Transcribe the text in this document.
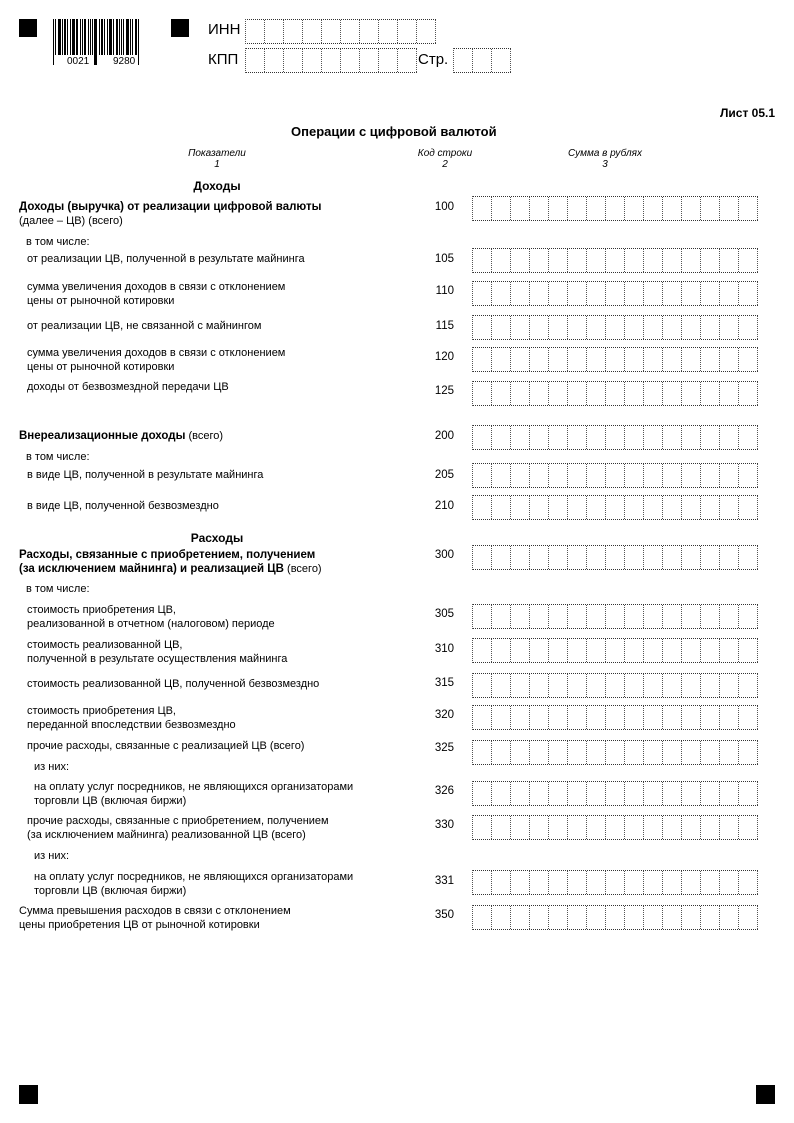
0021 9280
ИНН
КПП	Стр.
Лист 05.1
Операции с цифровой валютой
Показатели
1
Код строки
2
Сумма в рублях
3
Доходы
Расходы
Доходы (выручка) от реализации цифровой валюты
(далее – ЦВ) (всего)
100
в том числе:
от реализации ЦВ, полученной в результате майнинга	105
сумма увеличения доходов в связи с отклонением
цены от рыночной котировки
110
от реализации ЦВ, не связанной с майнингом	115
сумма увеличения доходов в связи с отклонением
цены от рыночной котировки
120
доходы от безвозмездной передачи ЦВ	125
Внереализационные доходы (всего)	200
в том числе:
в виде ЦВ, полученной в результате майнинга	205
в виде ЦВ, полученной безвозмездно	210
Расходы, связанные с приобретением, получением
(за исключением майнинга) и реализацией ЦВ (всего)
300
в том числе:
стоимость приобретения ЦВ,
реализованной в отчетном (налоговом) периоде
305
стоимость реализованной ЦВ,
полученной в результате осуществления майнинга
310
стоимость реализованной ЦВ, полученной безвозмездно	315
стоимость приобретения ЦВ,
переданной впоследствии безвозмездно
320
прочие расходы, связанные с реализацией ЦВ (всего)	325
из них:
на оплату услуг посредников, не являющихся организаторами
торговли ЦВ (включая биржи)
326
прочие расходы, связанные с приобретением, получением
(за исключением майнинга) реализованной ЦВ (всего)
330
из них:
на оплату услуг посредников, не являющихся организаторами
торговли ЦВ (включая биржи)
331
Сумма превышения расходов в связи с отклонением
цены приобретения ЦВ от рыночной котировки
350
